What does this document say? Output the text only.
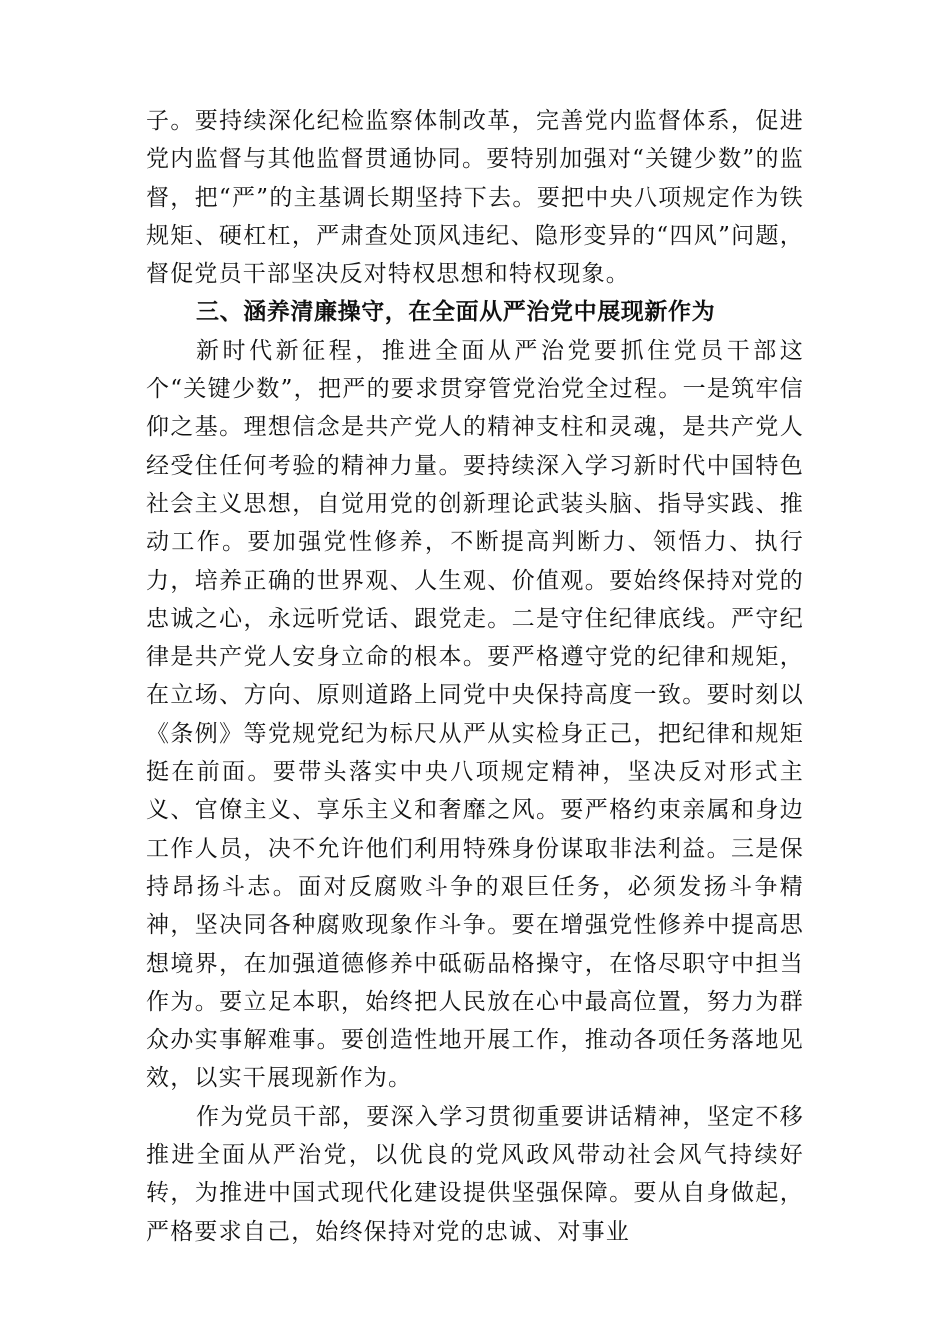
子。要持续深化纪检监察体制改革，完善党内监督体系，促进党内监督与其他监督贯通协同。要特别加强对“关键少数”的监督，把“严”的主基调长期坚持下去。要把中央八项规定作为铁规矩、硬杠杠，严肃查处顶风违纪、隐形变异的“四风”问题，督促党员干部坚决反对特权思想和特权现象。

三、涵养清廉操守，在全面从严治党中展现新作为

新时代新征程，推进全面从严治党要抓住党员干部这个“关键少数”，把严的要求贯穿管党治党全过程。一是筑牢信仰之基。理想信念是共产党人的精神支柱和灵魂，是共产党人经受住任何考验的精神力量。要持续深入学习新时代中国特色社会主义思想，自觉用党的创新理论武装头脑、指导实践、推动工作。要加强党性修养，不断提高判断力、领悟力、执行力，培养正确的世界观、人生观、价值观。要始终保持对党的忠诚之心，永远听党话、跟党走。二是守住纪律底线。严守纪律是共产党人安身立命的根本。要严格遵守党的纪律和规矩，在立场、方向、原则道路上同党中央保持高度一致。要时刻以《条例》等党规党纪为标尺从严从实检身正己，把纪律和规矩挺在前面。要带头落实中央八项规定精神，坚决反对形式主义、官僚主义、享乐主义和奢靡之风。要严格约束亲属和身边工作人员，决不允许他们利用特殊身份谋取非法利益。三是保持昂扬斗志。面对反腐败斗争的艰巨任务，必须发扬斗争精神，坚决同各种腐败现象作斗争。要在增强党性修养中提高思想境界，在加强道德修养中砥砺品格操守，在恪尽职守中担当作为。要立足本职，始终把人民放在心中最高位置，努力为群众办实事解难事。要创造性地开展工作，推动各项任务落地见效，以实干展现新作为。

作为党员干部，要深入学习贯彻重要讲话精神，坚定不移推进全面从严治党，以优良的党风政风带动社会风气持续好转，为推进中国式现代化建设提供坚强保障。要从自身做起，严格要求自己，始终保持对党的忠诚、对事业
